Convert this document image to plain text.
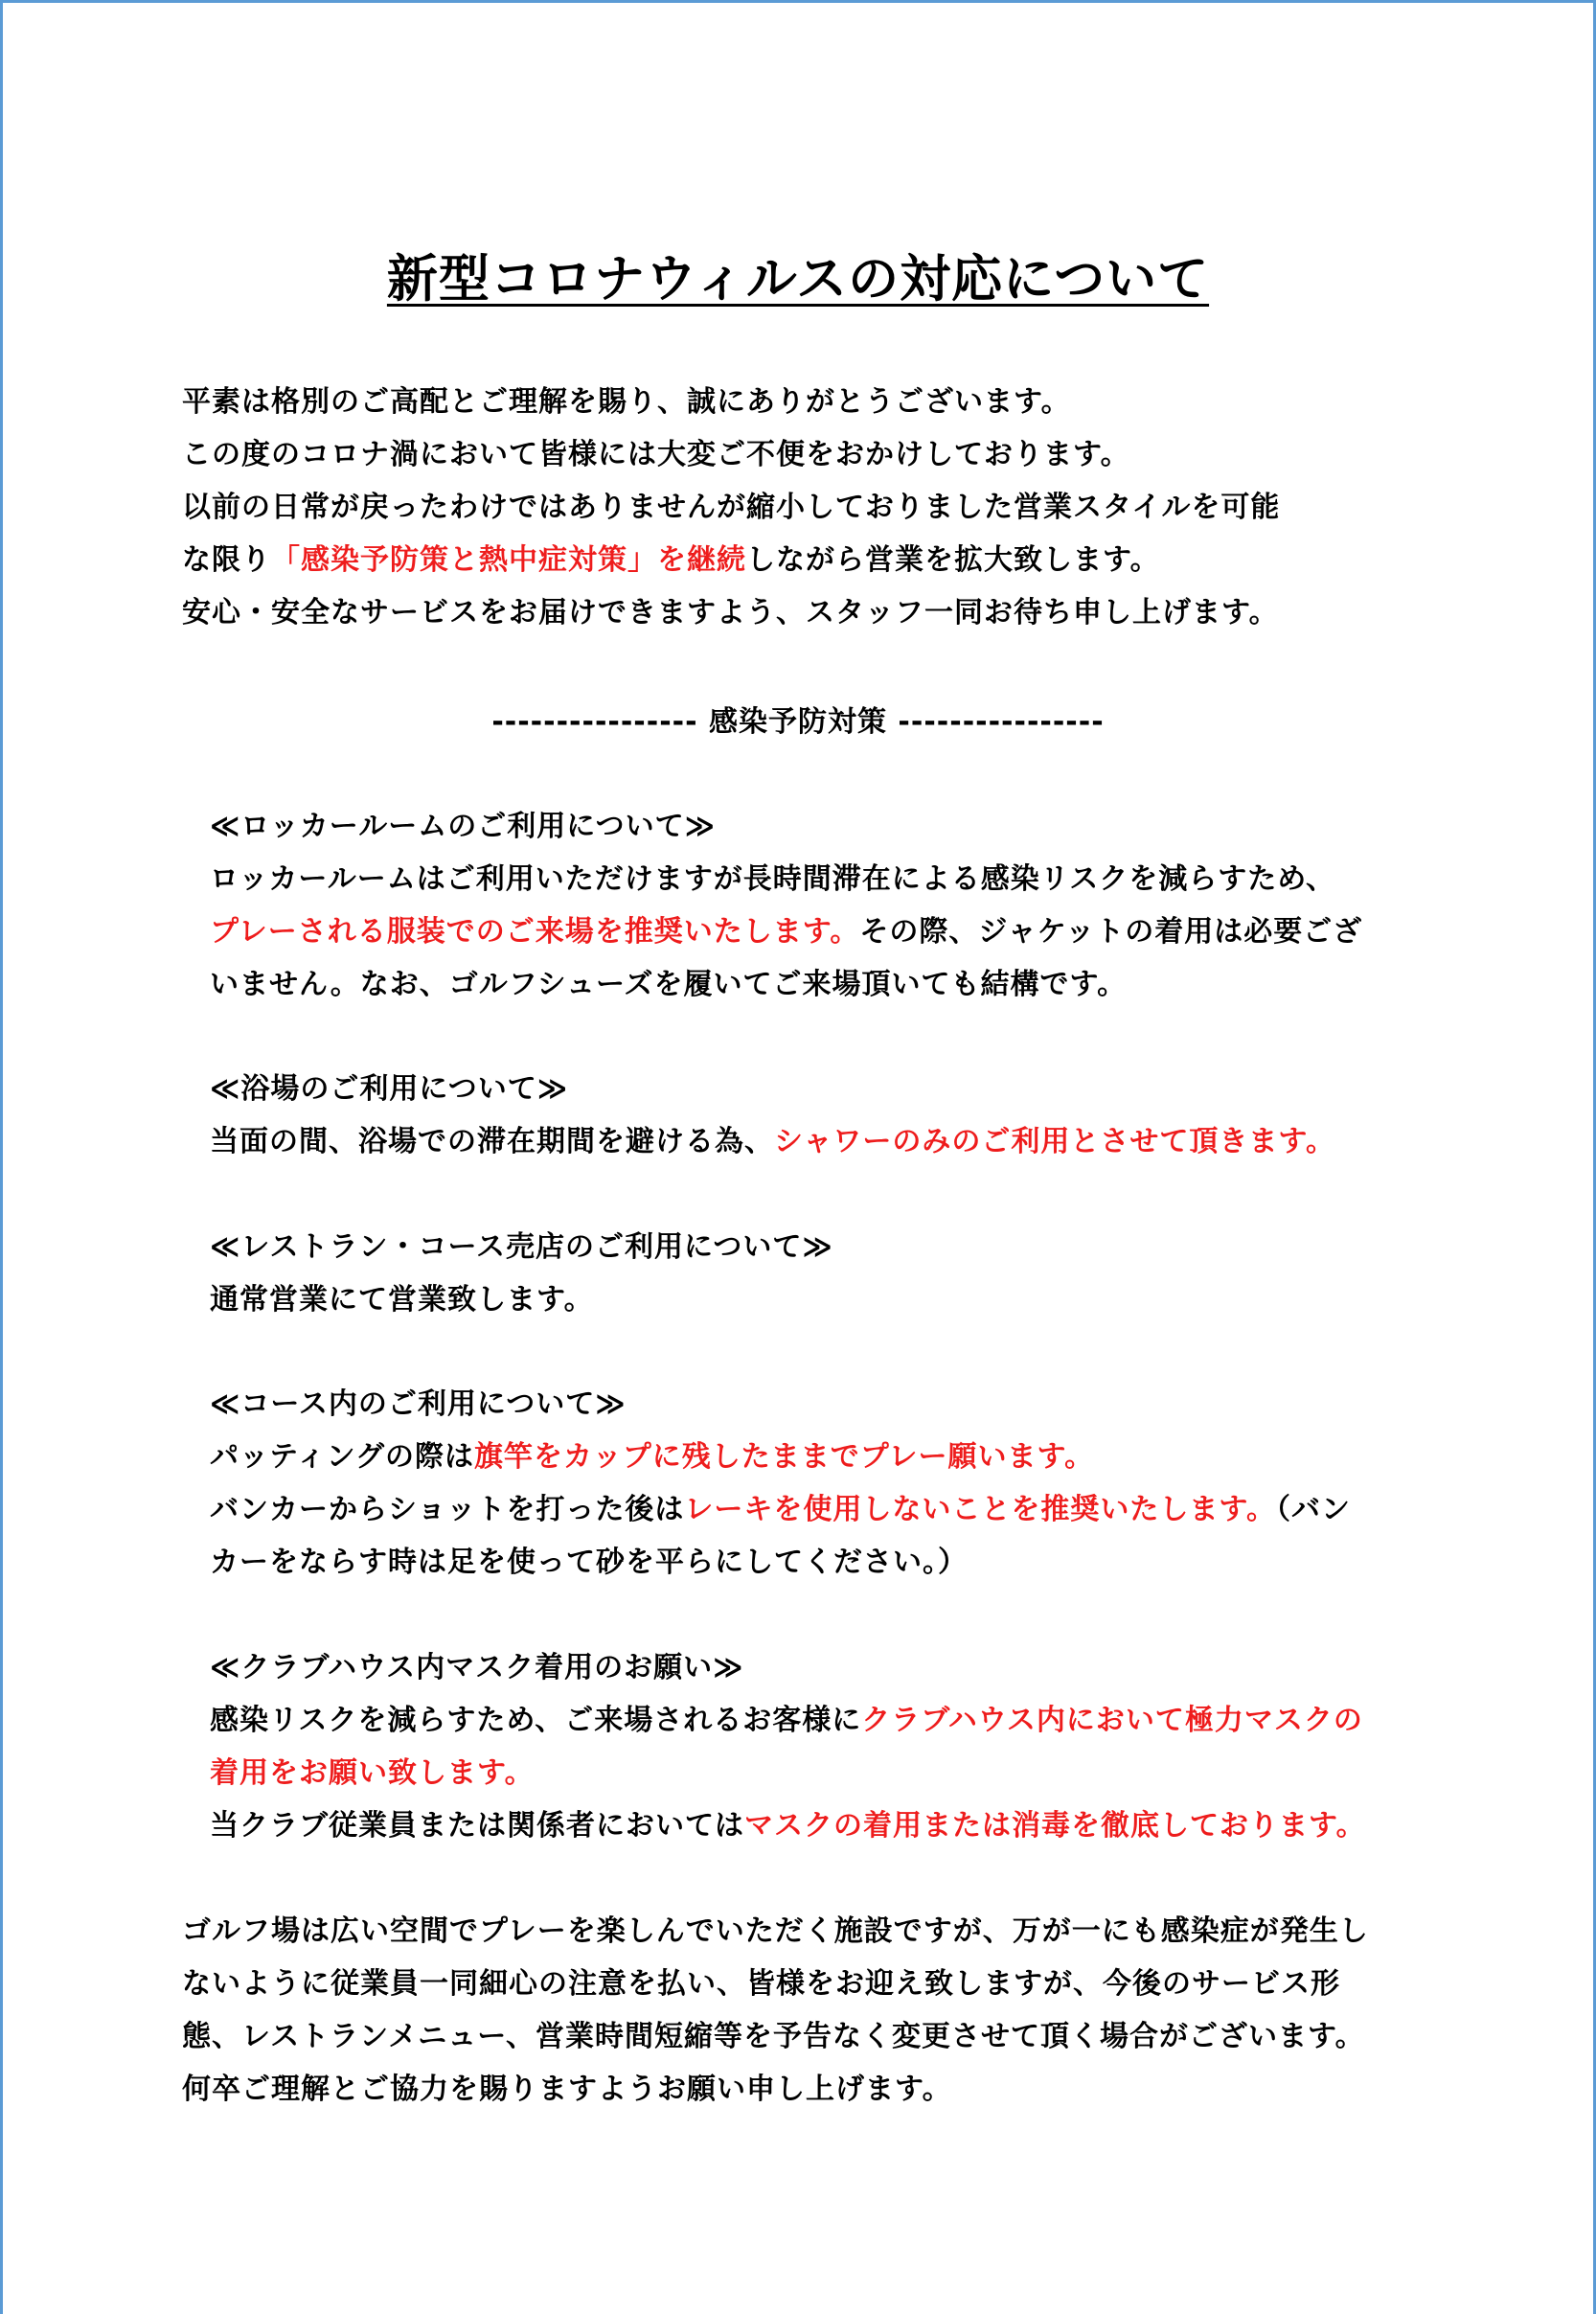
新型コロナウィルスの対応について
平素は格別のご高配とご理解を賜り、誠にありがとうございます。
この度のコロナ渦において皆様には大変ご不便をおかけしております。
以前の日常が戻ったわけではありませんが縮小しておりました営業スタイルを可能
な限り「感染予防策と熱中症対策」を継続しながら営業を拡大致します。
安心・安全なサービスをお届けできますよう、スタッフ一同お待ち申し上げます。
---------------- 感染予防対策 ----------------
≪ロッカールームのご利用について≫
ロッカールームはご利用いただけますが長時間滞在による感染リスクを減らすため、
プレーされる服装でのご来場を推奨いたします。その際、ジャケットの着用は必要ござ
いません。なお、ゴルフシューズを履いてご来場頂いても結構です。
≪浴場のご利用について≫
当面の間、浴場での滞在期間を避ける為、シャワーのみのご利用とさせて頂きます。
≪レストラン・コース売店のご利用について≫
通常営業にて営業致します。
≪コース内のご利用について≫
パッティングの際は旗竿をカップに残したままでプレー願います。
バンカーからショットを打った後はレーキを使用しないことを推奨いたします。（バン
カーをならす時は足を使って砂を平らにしてください。）
≪クラブハウス内マスク着用のお願い≫
感染リスクを減らすため、ご来場されるお客様にクラブハウス内において極力マスクの
着用をお願い致します。
当クラブ従業員または関係者においてはマスクの着用または消毒を徹底しております。
ゴルフ場は広い空間でプレーを楽しんでいただく施設ですが、万が一にも感染症が発生し
ないように従業員一同細心の注意を払い、皆様をお迎え致しますが、今後のサービス形
態、レストランメニュー、営業時間短縮等を予告なく変更させて頂く場合がございます。
何卒ご理解とご協力を賜りますようお願い申し上げます。
